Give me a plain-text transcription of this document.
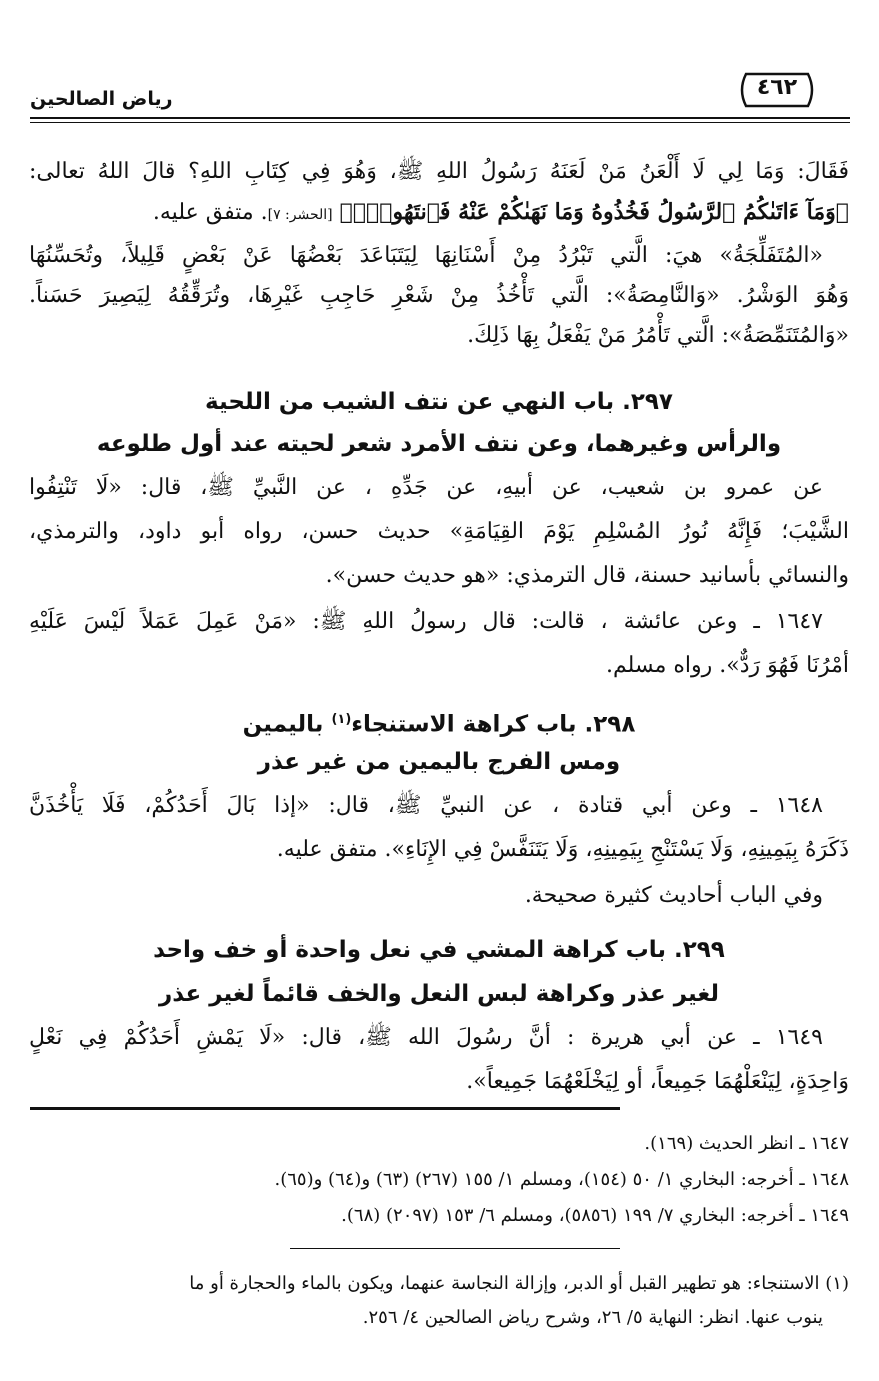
٤٦٢
رياض الصالحين
فَقَالَ: وَمَا لِي لَا أَلْعَنُ مَنْ لَعَنَهُ رَسُولُ اللهِ ﷺ، وَهُوَ فِي كِتَابِ اللهِ؟ قالَ اللهُ تعالى:
﴿وَمَآ ءَاتَىٰكُمُ ٱلرَّسُولُ فَخُذُوهُ وَمَا نَهَىٰكُمْ عَنْهُ فَٱنتَهُوا۟ۚ﴾ [الحشر: ٧]. متفق عليه.
«المُتَفَلِّجَةُ» هيَ: الَّتي تَبْرُدُ مِنْ أَسْنَانِهَا لِيَتَبَاعَدَ بَعْضُهَا عَنْ بَعْضٍ قَلِيلاً، وتُحَسِّنُهَا
وَهُوَ الوَشْرُ. «وَالنَّامِصَةُ»: الَّتي تَأْخُذُ مِنْ شَعْرِ حَاجِبِ غَيْرِهَا، وتُرَقِّقُهُ لِيَصِيرَ حَسَناً.
«وَالمُتَنَمِّصَةُ»: الَّتي تَأْمُرُ مَنْ يَفْعَلُ بِهَا ذَلِكَ.
٢٩٧. باب النهي عن نتف الشيب من اللحية
والرأس وغيرهما، وعن نتف الأمرد شعر لحيته عند أول طلوعه
عن عمرو بن شعيب، عن أبيهِ، عن جَدِّهِ ، عن النَّبيِّ ﷺ، قال: «لَا تَنْتِفُوا
الشَّيْبَ؛ فَإِنَّهُ نُورُ المُسْلِمِ يَوْمَ القِيَامَةِ» حديث حسن، رواه أبو داود، والترمذي،
والنسائي بأسانيد حسنة، قال الترمذي: «هو حديث حسن».
١٦٤٧ ـ وعن عائشة ، قالت: قال رسولُ اللهِ ﷺ: «مَنْ عَمِلَ عَمَلاً لَيْسَ عَلَيْهِ
أمْرُنَا فَهُوَ رَدٌّ». رواه مسلم.
٢٩٨. باب كراهة الاستنجاء$^{(١)}$ باليمين
ومس الفرج باليمين من غير عذر
١٦٤٨ ـ وعن أبي قتادة ، عن النبيِّ ﷺ، قال: «إذا بَالَ أَحَدُكُمْ، فَلَا يَأْخُذَنَّ
ذَكَرَهُ بِيَمِينِهِ، وَلَا يَسْتَنْجِ بِيَمِينِهِ، وَلَا يَتَنَفَّسْ فِي الإِنَاءِ». متفق عليه.
وفي الباب أحاديث كثيرة صحيحة.
٢٩٩. باب كراهة المشي في نعل واحدة أو خف واحد
لغير عذر وكراهة لبس النعل والخف قائماً لغير عذر
١٦٤٩ ـ عن أبي هريرة : أنَّ رسُولَ الله ﷺ، قال: «لَا يَمْشِ أَحَدُكُمْ فِي نَعْلٍ
وَاحِدَةٍ، لِيَنْعَلْهُمَا جَمِيعاً، أو لِيَخْلَعْهُمَا جَمِيعاً».
١٦٤٧ ـ انظر الحديث (١٦٩).
١٦٤٨ ـ أخرجه: البخاري ١/ ٥٠ (١٥٤)، ومسلم ١/ ١٥٥ (٢٦٧) (٦٣) و(٦٤) و(٦٥).
١٦٤٩ ـ أخرجه: البخاري ٧/ ١٩٩ (٥٨٥٦)، ومسلم ٦/ ١٥٣ (٢٠٩٧) (٦٨).
(١) الاستنجاء: هو تطهير القبل أو الدبر، وإزالة النجاسة عنهما، ويكون بالماء والحجارة أو ما
ينوب عنها. انظر: النهاية ٥/ ٢٦، وشرح رياض الصالحين ٤/ ٢٥٦.
